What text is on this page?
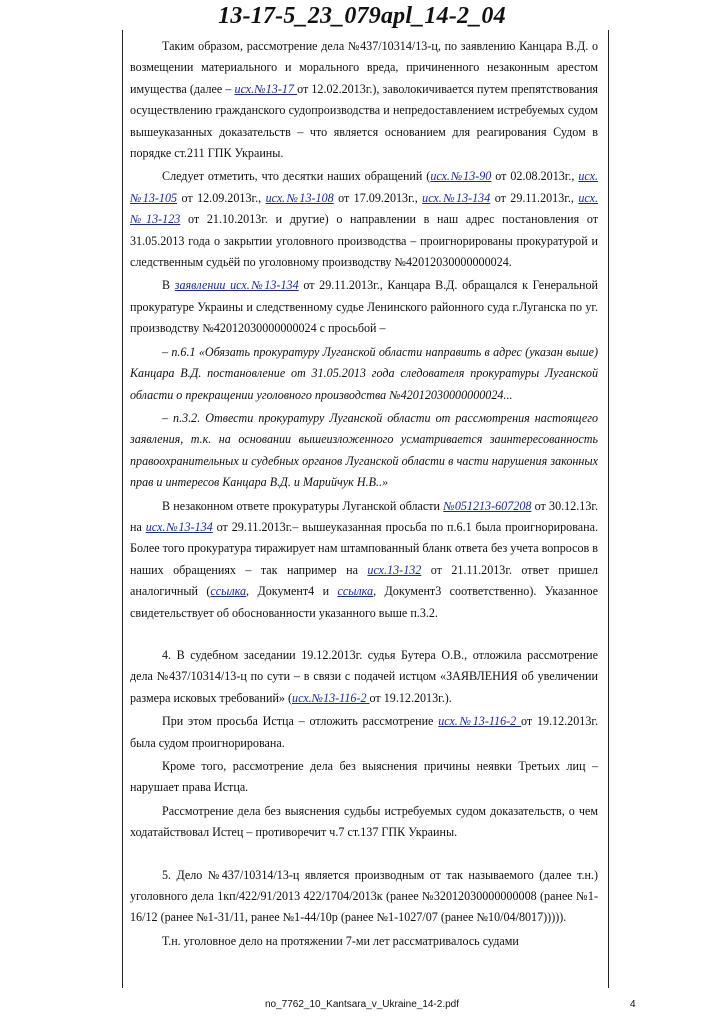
13-17-5_23_079apl_14-2_04

Таким образом, рассмотрение дела №437/10314/13-ц, по заявлению Канцара В.Д. о возмещении материального и морального вреда, причиненного незаконным арестом имущества (далее – исх.№13-17 от 12.02.2013г.), заволокичивается путем препятствования осуществлению гражданского судопроизводства и непредоставлением истребуемых судом вышеуказанных доказательств – что является основанием для реагирования Судом в порядке ст.211 ГПК Украины.

Следует отметить, что десятки наших обращений (исх.№13-90 от 02.08.2013г., исх.№13-105 от 12.09.2013г., исх.№13-108 от 17.09.2013г., исх.№13-134 от 29.11.2013г., исх.№13-123 от 21.10.2013г. и другие) о направлении в наш адрес постановления от 31.05.2013 года о закрытии уголовного производства – проигнорированы прокуратурой и следственным судьёй по уголовному производству №42012030000000024.

В заявлении исх.№13-134 от 29.11.2013г., Канцара В.Д. обращался к Генеральной прокуратуре Украины и следственному судье Ленинского районного суда г.Луганска по уг. производству №42012030000000024 с просьбой –

– п.6.1 «Обязать прокуратуру Луганской области направить в адрес (указан выше) Канцара В.Д. постановление от 31.05.2013 года следователя прокуратуры Луганской области о прекращении уголовного производства №42012030000000024...

– п.3.2. Отвести прокуратуру Луганской области от рассмотрения настоящего заявления, т.к. на основании вышеизложенного усматривается заинтересованность правоохранительных и судебных органов Луганской области в части нарушения законных прав и интересов Канцара В.Д. и Марийчук Н.В..»

В незаконном ответе прокуратуры Луганской области №051213-607208 от 30.12.13г. на исх.№13-134 от 29.11.2013г.– вышеуказанная просьба по п.6.1 была проигнорирована. Более того прокуратура тиражирует нам штампованный бланк ответа без учета вопросов в наших обращениях – так например на исх.13-132 от 21.11.2013г. ответ пришел аналогичный (ссылка, Документ4 и ссылка, Документ3 соответственно). Указанное свидетельствует об обоснованности указанного выше п.3.2.

4. В судебном заседании 19.12.2013г. судья Бутера О.В., отложила рассмотрение дела №437/10314/13-ц по сути – в связи с подачей истцом «ЗАЯВЛЕНИЯ об увеличении размера исковых требований» (исх.№13-116-2 от 19.12.2013г.).

При этом просьба Истца – отложить рассмотрение исх.№13-116-2 от 19.12.2013г. была судом проигнорирована.

Кроме того, рассмотрение дела без выяснения причины неявки Третьих лиц – нарушает права Истца.

Рассмотрение дела без выяснения судьбы истребуемых судом доказательств, о чем ходатайствовал Истец – противоречит ч.7 ст.137 ГПК Украины.

5. Дело №437/10314/13-ц является производным от так называемого (далее т.н.) уголовного дела 1кп/422/91/2013 422/1704/2013к (ранее №32012030000000008 (ранее №1-16/12 (ранее №1-31/11, ранее №1-44/10р (ранее №1-1027/07 (ранее №10/04/8017))))).

Т.н. уголовное дело на протяжении 7-ми лет рассматривалось судами

no_7762_10_Kantsara_v_Ukraine_14-2.pdf	4
